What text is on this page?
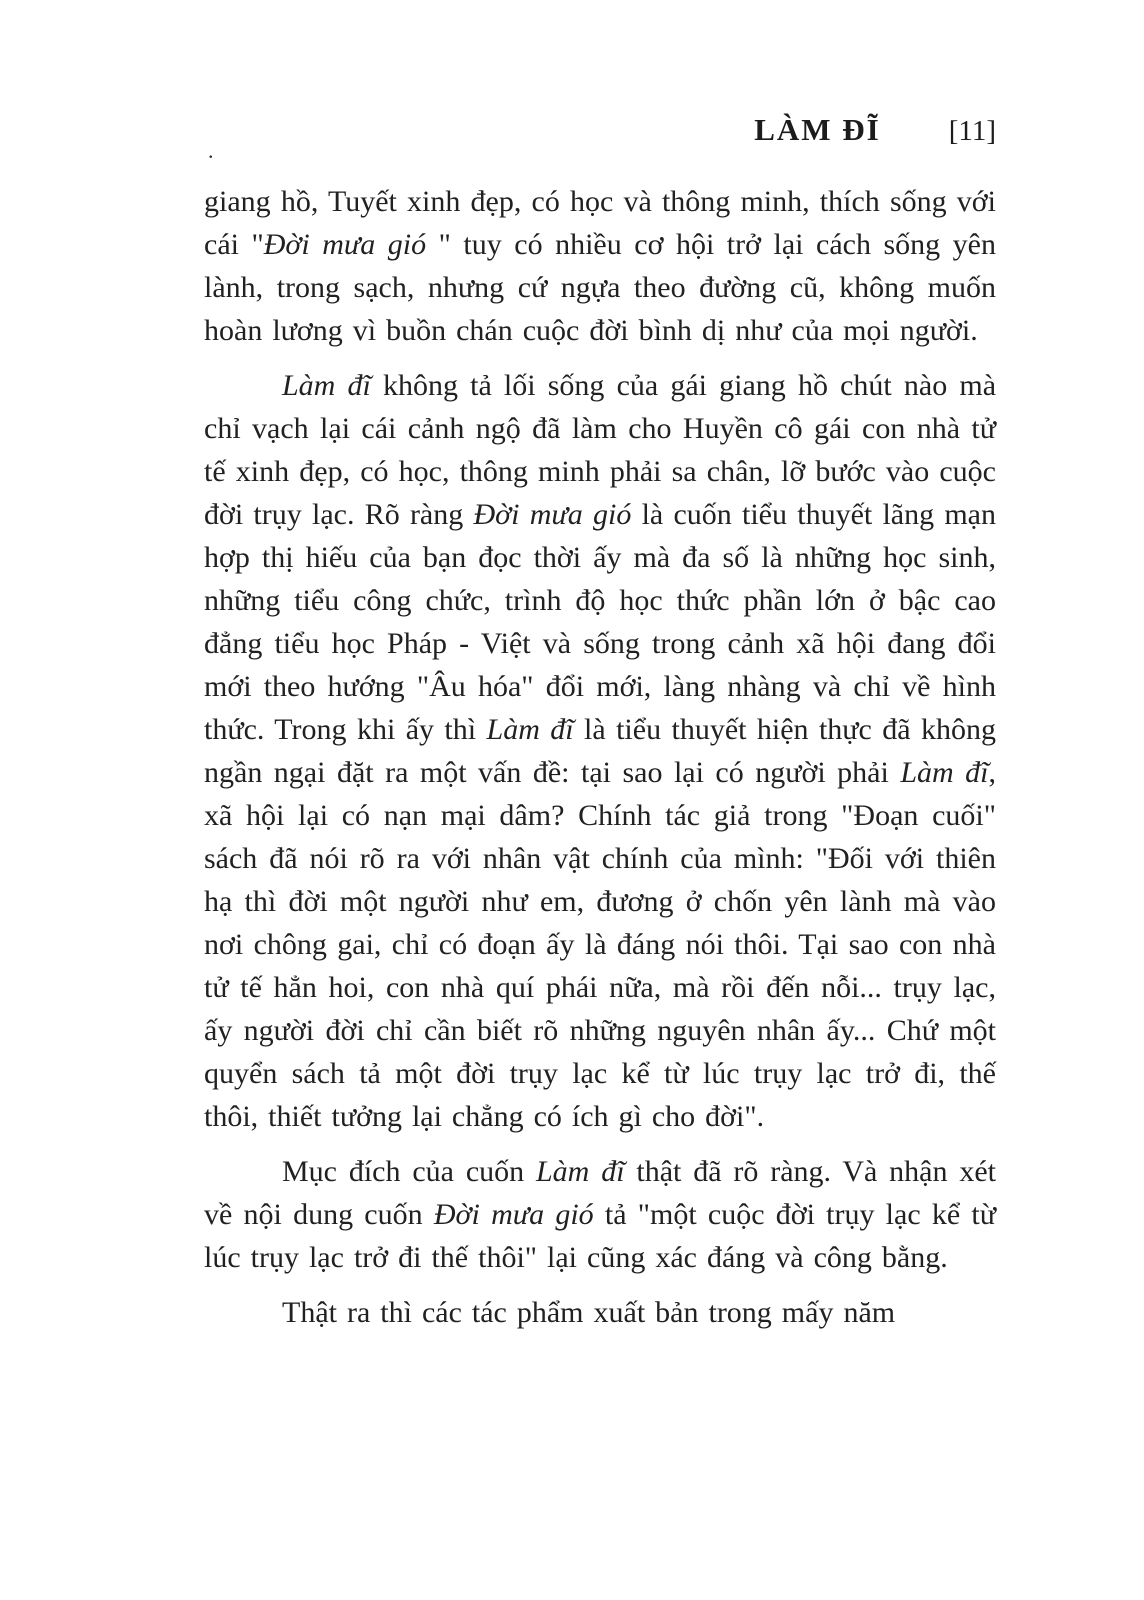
LÀM ĐĨ [11]
.

giang hồ, Tuyết xinh đẹp, có học và thông minh, thích sống với cái "Đời mưa gió " tuy có nhiều cơ hội trở lại cách sống yên lành, trong sạch, nhưng cứ ngựa theo đường cũ, không muốn hoàn lương vì buồn chán cuộc đời bình dị như của mọi người.

Làm đĩ không tả lối sống của gái giang hồ chút nào mà chỉ vạch lại cái cảnh ngộ đã làm cho Huyền cô gái con nhà tử tế xinh đẹp, có học, thông minh phải sa chân, lỡ bước vào cuộc đời trụy lạc. Rõ ràng Đời mưa gió là cuốn tiểu thuyết lãng mạn hợp thị hiếu của bạn đọc thời ấy mà đa số là những học sinh, những tiểu công chức, trình độ học thức phần lớn ở bậc cao đẳng tiểu học Pháp - Việt và sống trong cảnh xã hội đang đổi mới theo hướng "Âu hóa" đổi mới, làng nhàng và chỉ về hình thức. Trong khi ấy thì Làm đĩ là tiểu thuyết hiện thực đã không ngần ngại đặt ra một vấn đề: tại sao lại có người phải Làm đĩ, xã hội lại có nạn mại dâm? Chính tác giả trong "Đoạn cuối" sách đã nói rõ ra với nhân vật chính của mình: "Đối với thiên hạ thì đời một người như em, đương ở chốn yên lành mà vào nơi chông gai, chỉ có đoạn ấy là đáng nói thôi. Tại sao con nhà tử tế hẳn hoi, con nhà quí phái nữa, mà rồi đến nỗi... trụy lạc, ấy người đời chỉ cần biết rõ những nguyên nhân ấy... Chứ một quyển sách tả một đời trụy lạc kể từ lúc trụy lạc trở đi, thế thôi, thiết tưởng lại chẳng có ích gì cho đời".

Mục đích của cuốn Làm đĩ thật đã rõ ràng. Và nhận xét về nội dung cuốn Đời mưa gió tả "một cuộc đời trụy lạc kể từ lúc trụy lạc trở đi thế thôi" lại cũng xác đáng và công bằng.

Thật ra thì các tác phẩm xuất bản trong mấy năm
